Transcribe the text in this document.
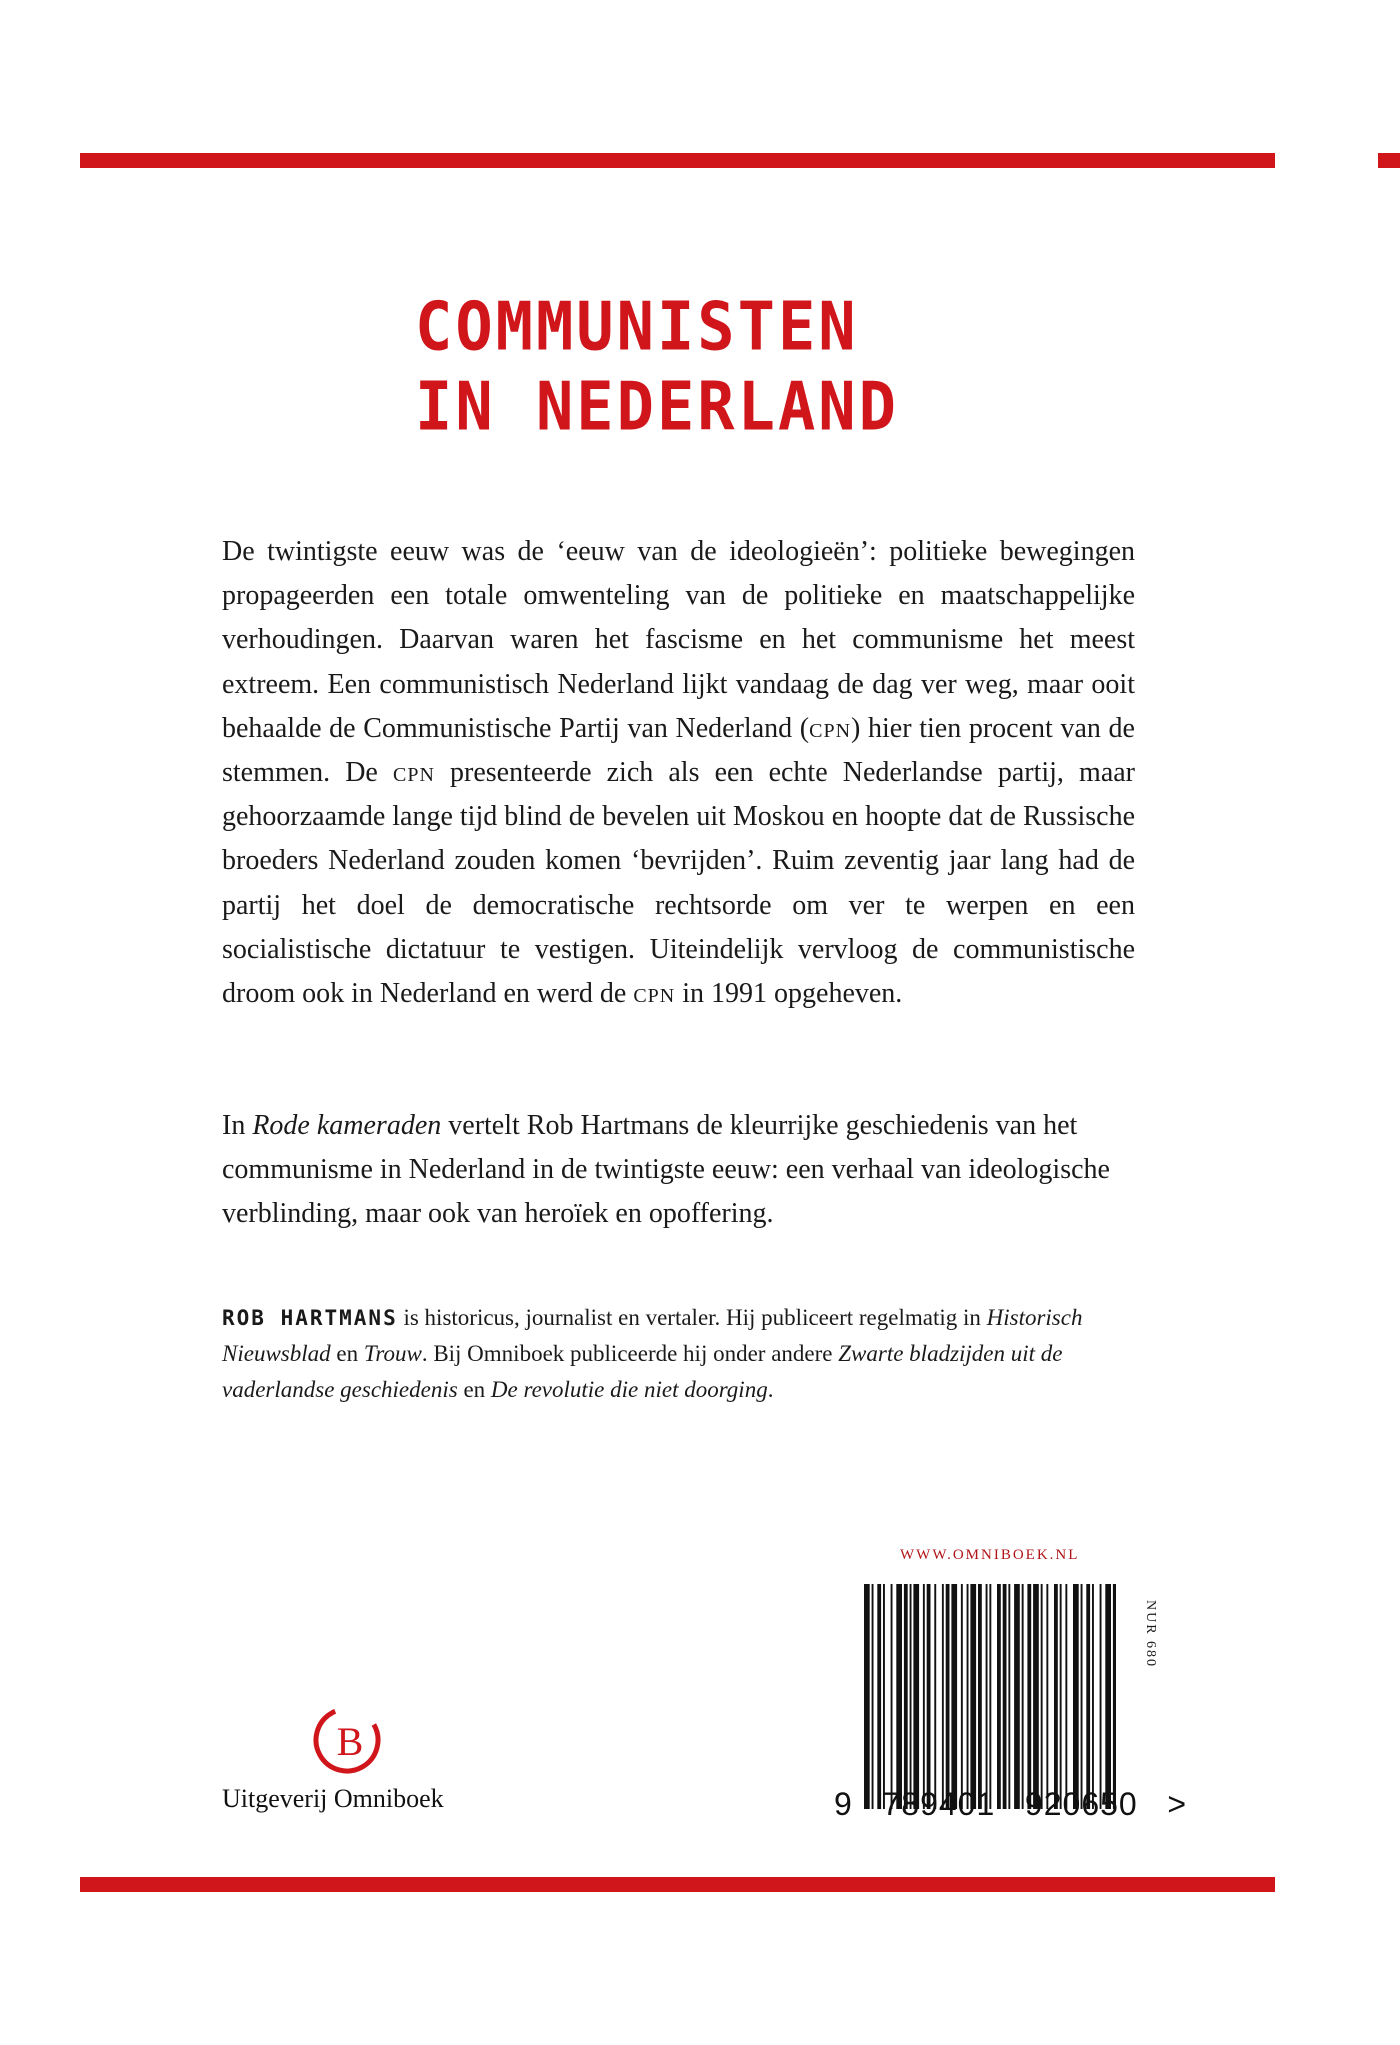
COMMUNISTEN
IN NEDERLAND
De twintigste eeuw was de ‘eeuw van de ideologieën’: politieke bewegingen propageerden een totale omwenteling van de politieke en maatschappelijke verhoudingen. Daarvan waren het fascisme en het communisme het meest extreem. Een communistisch Nederland lijkt vandaag de dag ver weg, maar ooit behaalde de Communistische Partij van Nederland (cpn) hier tien procent van de stemmen. De cpn presenteerde zich als een echte Nederlandse partij, maar gehoorzaamde lange tijd blind de bevelen uit Moskou en hoopte dat de Russische broeders Nederland zouden komen ‘bevrijden’. Ruim zeventig jaar lang had de partij het doel de democratische rechtsorde om ver te werpen en een socialistische dictatuur te vestigen. Uiteindelijk vervloog de communistische droom ook in Nederland en werd de cpn in 1991 opgeheven.
In Rode kameraden vertelt Rob Hartmans de kleurrijke geschiedenis van het communisme in Nederland in de twintigste eeuw: een verhaal van ideologische verblinding, maar ook van heroïek en opoffering.
ROB HARTMANS is historicus, journalist en vertaler. Hij publiceert regelmatig in Historisch Nieuwsblad en Trouw. Bij Omniboek publiceerde hij onder andere Zwarte bladzijden uit de vaderlandse geschiedenis en De revolutie die niet doorging.
WWW.OMNIBOEK.NL
9   789401   920650   >
NUR 680
B
Uitgeverij Omniboek
